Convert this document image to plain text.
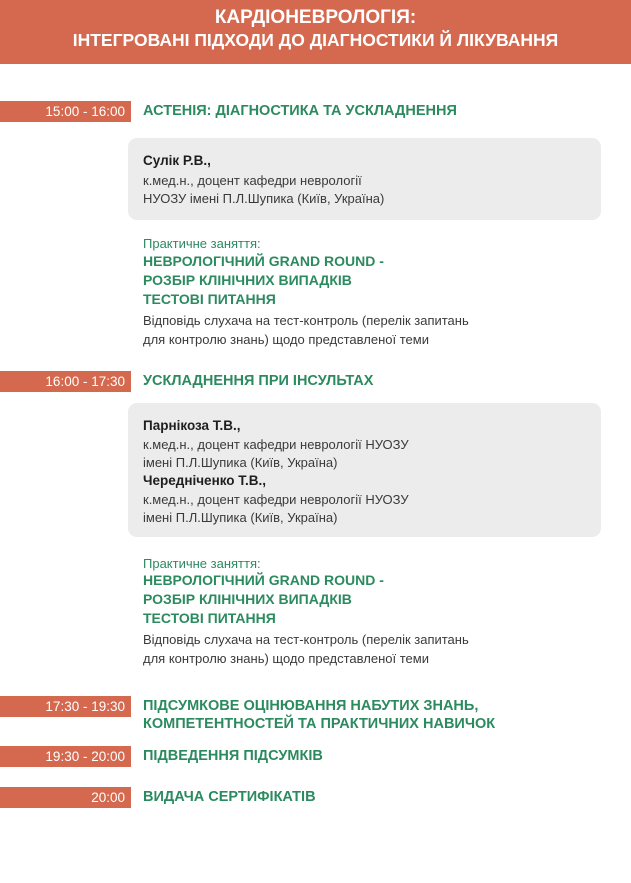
КАРДІОНЕВРОЛОГІЯ:
ІНТЕГРОВАНІ ПІДХОДИ ДО ДІАГНОСТИКИ Й ЛІКУВАННЯ
15:00 - 16:00	АСТЕНІЯ: ДІАГНОСТИКА ТА УСКЛАДНЕННЯ
Сулік Р.В.,
к.мед.н., доцент кафедри неврології
НУОЗУ імені П.Л.Шупика (Київ, Україна)
Практичне заняття:
НЕВРОЛОГІЧНИЙ GRAND ROUND -
РОЗБІР КЛІНІЧНИХ ВИПАДКІВ
ТЕСТОВІ ПИТАННЯ
Відповідь слухача на тест-контроль (перелік запитань
для контролю знань) щодо представленої теми
16:00 - 17:30	УСКЛАДНЕННЯ ПРИ ІНСУЛЬТАХ
Парнікоза Т.В.,
к.мед.н., доцент кафедри неврології НУОЗУ
імені П.Л.Шупика (Київ, Україна)
Чередніченко Т.В.,
к.мед.н., доцент кафедри неврології НУОЗУ
імені П.Л.Шупика (Київ, Україна)
Практичне заняття:
НЕВРОЛОГІЧНИЙ GRAND ROUND -
РОЗБІР КЛІНІЧНИХ ВИПАДКІВ
ТЕСТОВІ ПИТАННЯ
Відповідь слухача на тест-контроль (перелік запитань
для контролю знань) щодо представленої теми
17:30 - 19:30	ПІДСУМКОВЕ ОЦІНЮВАННЯ НАБУТИХ ЗНАНЬ,
КОМПЕТЕНТНОСТЕЙ ТА ПРАКТИЧНИХ НАВИЧОК
19:30 - 20:00	ПІДВЕДЕННЯ ПІДСУМКІВ
20:00	ВИДАЧА СЕРТИФІКАТІВ
